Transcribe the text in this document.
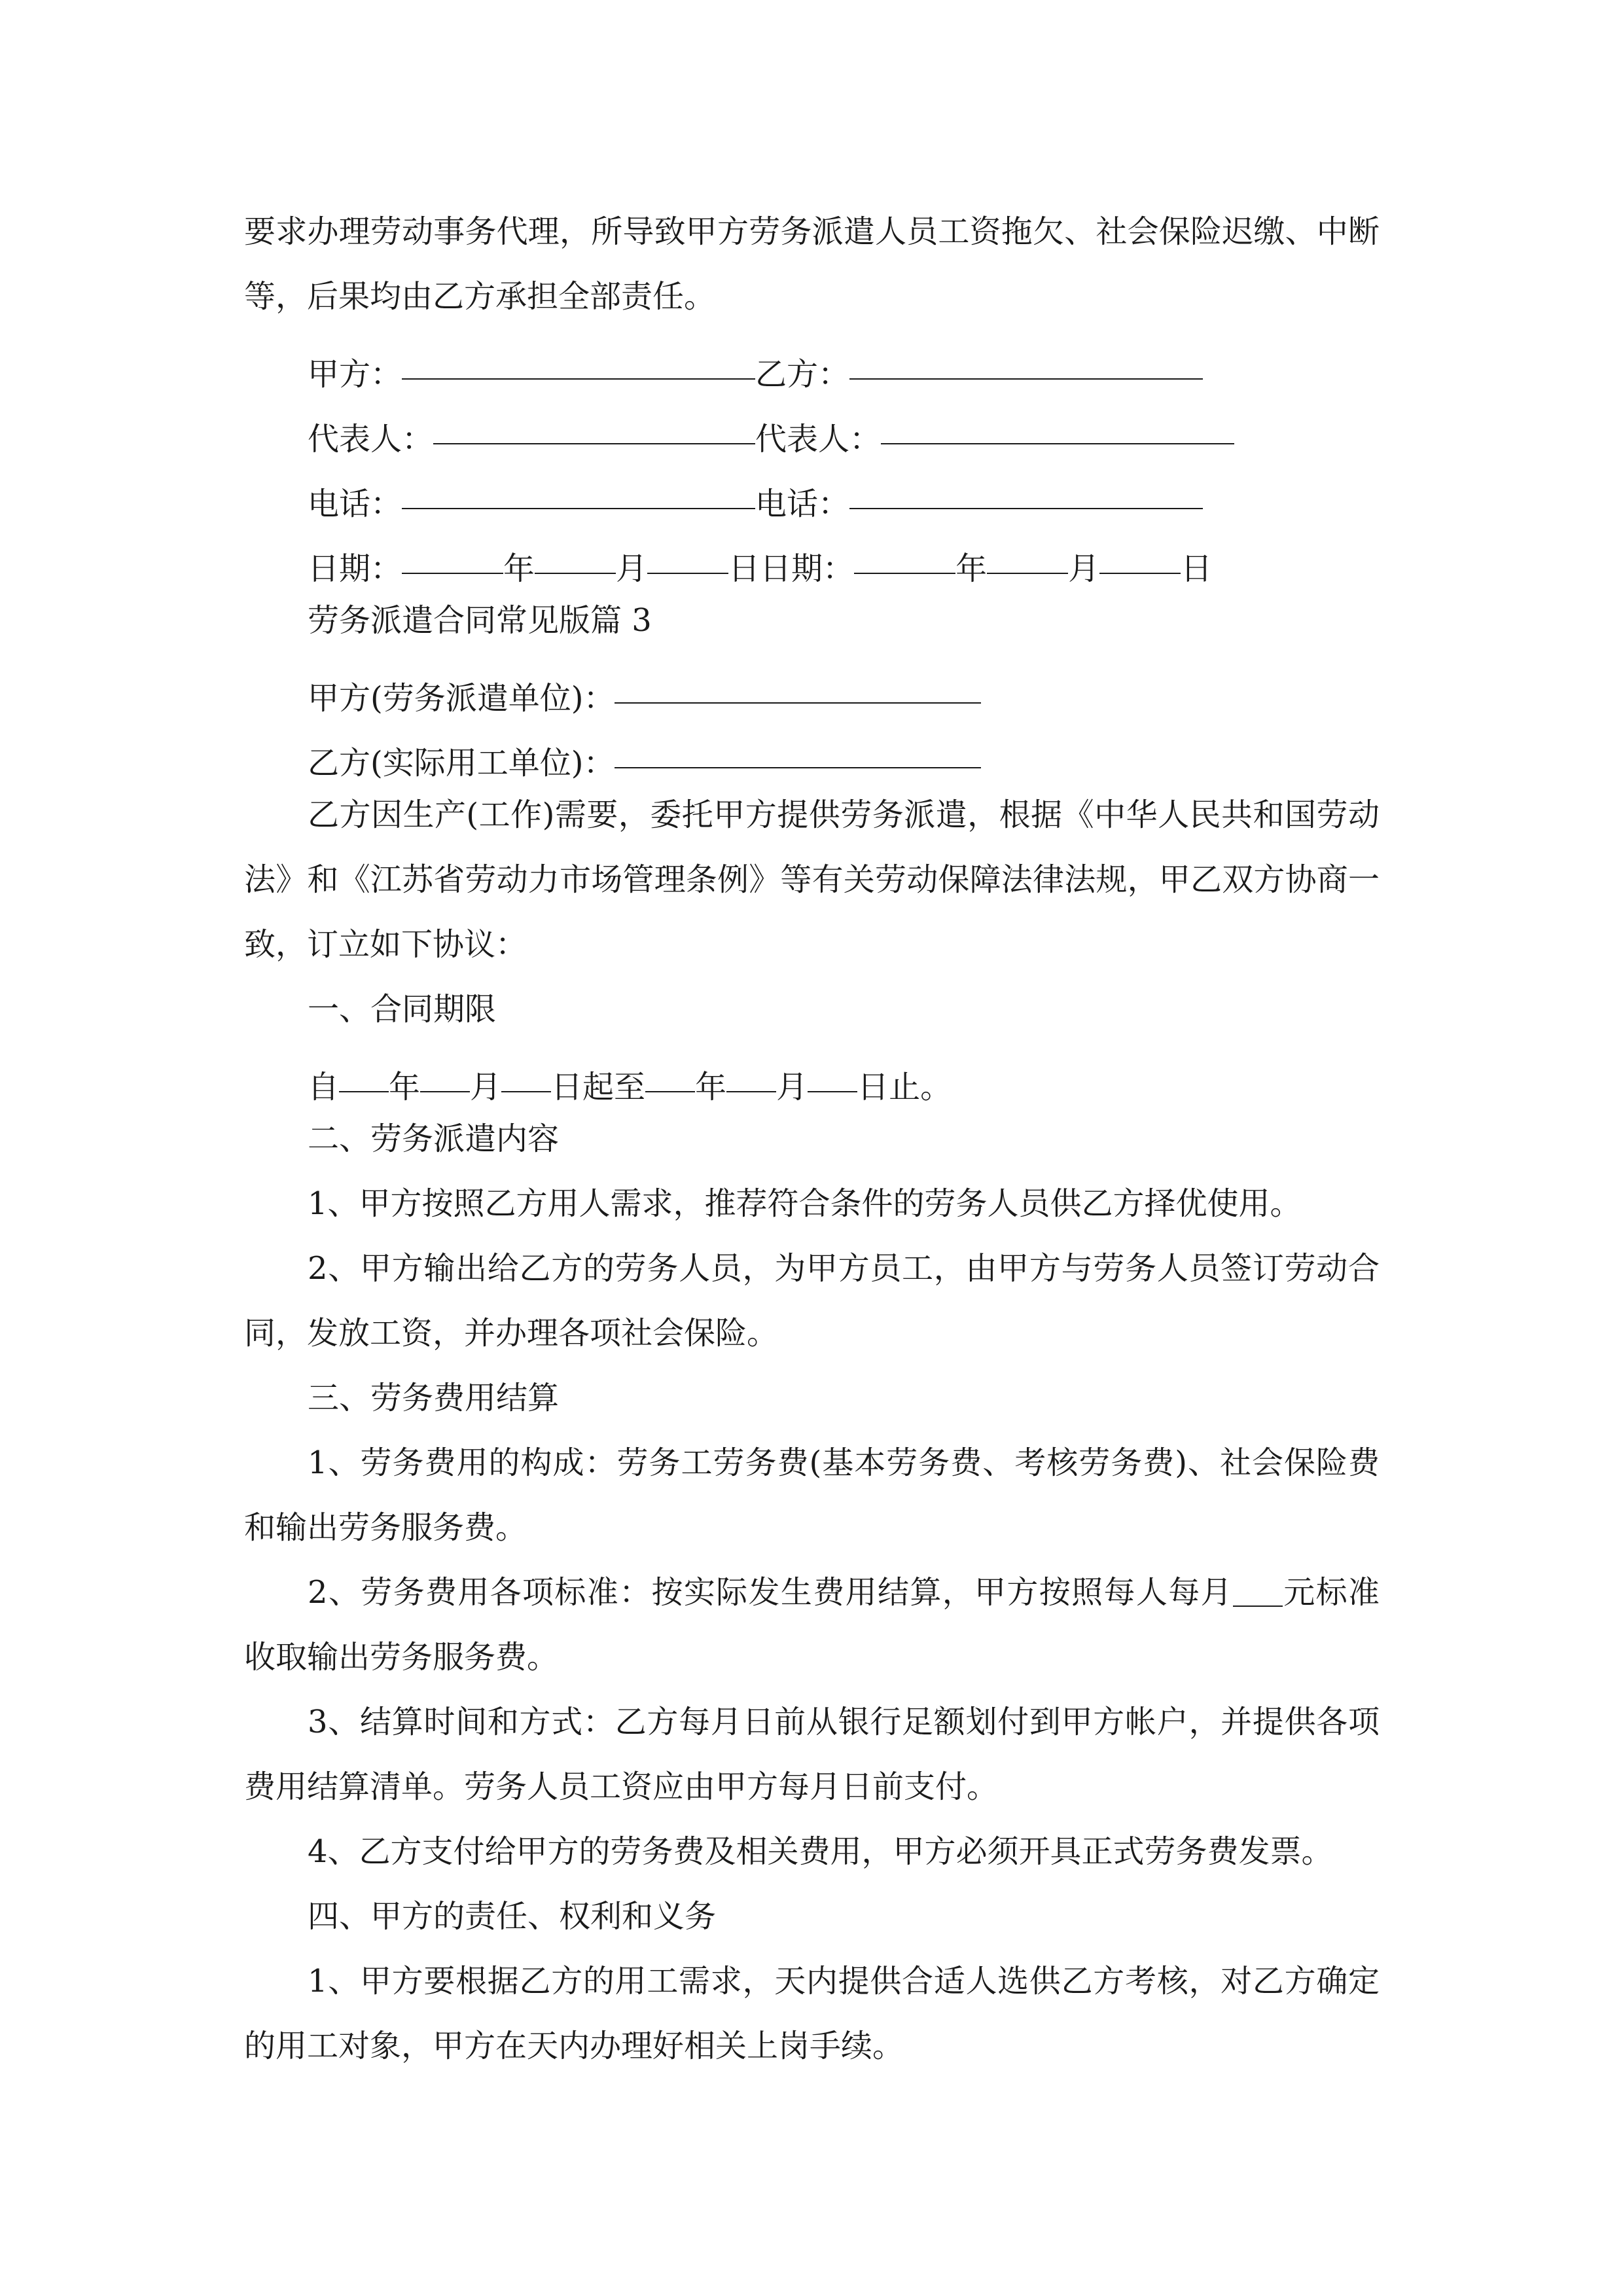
要求办理劳动事务代理，所导致甲方劳务派遣人员工资拖欠、社会保险迟缴、中断等，后果均由乙方承担全部责任。

甲方：	乙方：
代表人：	代表人：
电话：	电话：
日期：	年	月	日日期：	年	月	日

劳务派遣合同常见版篇 3

甲方(劳务派遣单位)：
乙方(实际用工单位)：

乙方因生产(工作)需要，委托甲方提供劳务派遣，根据《中华人民共和国劳动法》和《江苏省劳动力市场管理条例》等有关劳动保障法律法规，甲乙双方协商一致，订立如下协议：

一、合同期限

自 年 月 日起至 年 月 日止。

二、劳务派遣内容

1、甲方按照乙方用人需求，推荐符合条件的劳务人员供乙方择优使用。

2、甲方输出给乙方的劳务人员，为甲方员工，由甲方与劳务人员签订劳动合同，发放工资，并办理各项社会保险。

三、劳务费用结算

1、劳务费用的构成：劳务工劳务费(基本劳务费、考核劳务费)、社会保险费和输出劳务服务费。

2、劳务费用各项标准：按实际发生费用结算，甲方按照每人每月 元标准收取输出劳务服务费。

3、结算时间和方式：乙方每月日前从银行足额划付到甲方帐户，并提供各项费用结算清单。劳务人员工资应由甲方每月日前支付。

4、乙方支付给甲方的劳务费及相关费用，甲方必须开具正式劳务费发票。

四、甲方的责任、权利和义务

1、甲方要根据乙方的用工需求，天内提供合适人选供乙方考核，对乙方确定的用工对象，甲方在天内办理好相关上岗手续。
